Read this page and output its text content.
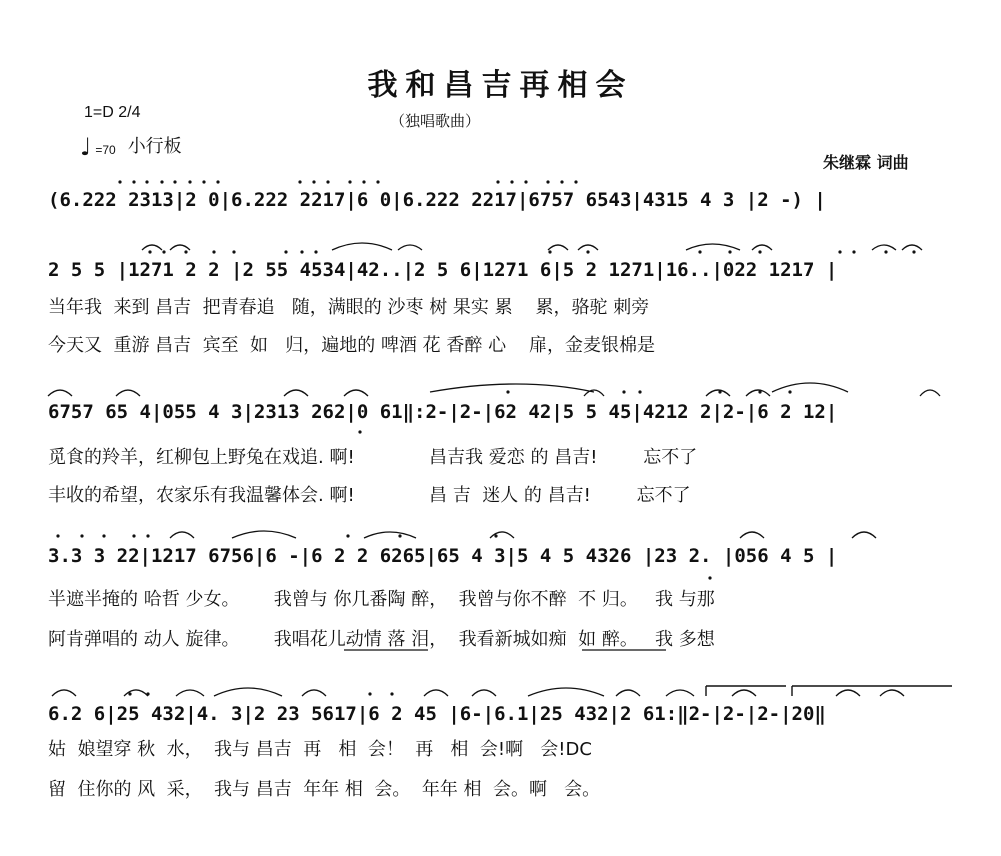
我和昌吉再相会
1=D 2/4
♩ =70 小行板
（独唱歌曲）
朱继霖 词曲
(6.222 2313|2 0|6.222 2217|6 0|6.222 2217|6757 6543|4315 4 3 |2 -) |
2 5 5 |1271 2 2 |2 55 4534|42..|2 5 6|1271 6|5 2 1271|16..|022 1217 |
当年我  来到 昌吉  把青春追   随，满眼的 沙枣 树 果实 累    累，骆驼 刺旁
今天又  重游 昌吉  宾至  如   归，遍地的 啤酒 花 香醉 心    扉，金麦银棉是
6757 65 4|055 4 3|2313 262|0 61‖:2-|2-|62 42|5 5 45|4212 2|2-|6 2 12|
觅食的羚羊，红柳包上野兔在戏追. 啊!             昌吉我 爱恋 的 昌吉!        忘不了
丰收的希望，农家乐有我温馨体会. 啊!             昌 吉  迷人 的 昌吉!        忘不了
3.3 3 22|1217 6756|6 -|6 2 2 6265|65 4 3|5 4 5 4326 |23 2. |056 4 5 |
半遮半掩的 哈哲 少女。      我曾与 你几番陶 醉，  我曾与你不醉  不 归。   我 与那
阿肯弹唱的 动人 旋律。      我唱花儿动情 落 泪，  我看新城如痴  如 醉。   我 多想
6.2 6|25 432|4. 3|2 23 5617|6 2 45 |6-|6.1|25 432|2 61:‖2-|2-|2-|20‖
姑  娘望穿 秋  水，  我与 昌吉  再   相  会！  再   相  会!啊   会!DC
留  住你的 风  采，  我与 昌吉  年年 相  会。  年年 相  会。啊   会。
